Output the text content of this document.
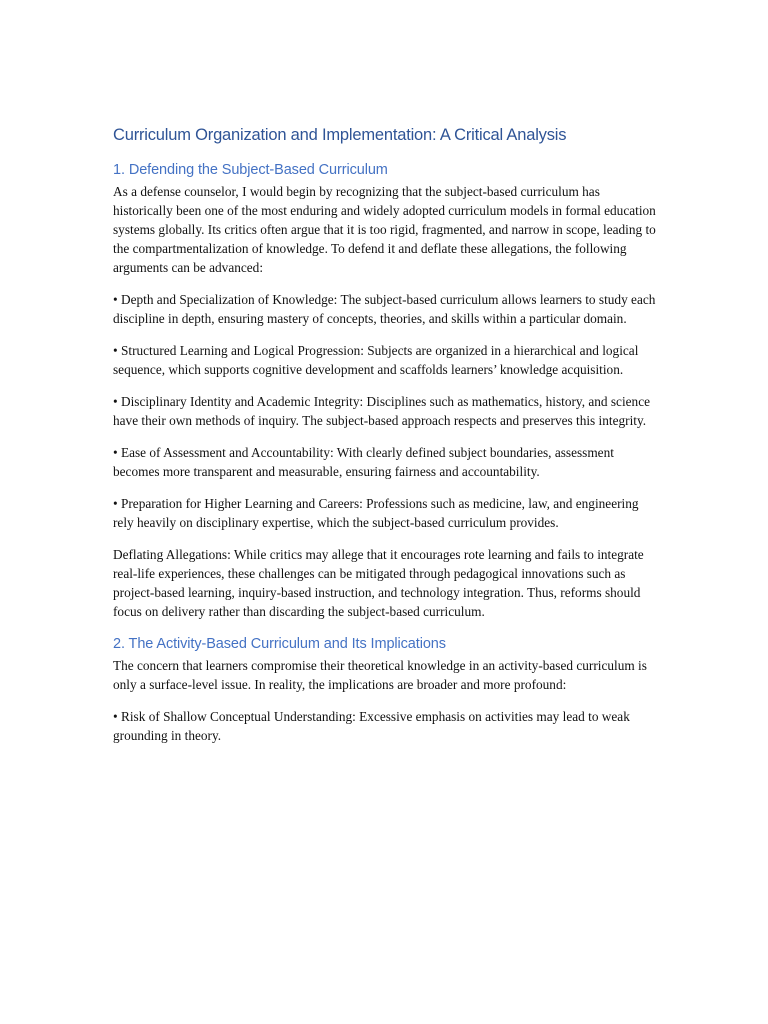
Curriculum Organization and Implementation: A Critical Analysis
1. Defending the Subject-Based Curriculum

As a defense counselor, I would begin by recognizing that the subject-based curriculum has historically been one of the most enduring and widely adopted curriculum models in formal education systems globally. Its critics often argue that it is too rigid, fragmented, and narrow in scope, leading to the compartmentalization of knowledge. To defend it and deflate these allegations, the following arguments can be advanced:

• Depth and Specialization of Knowledge: The subject-based curriculum allows learners to study each discipline in depth, ensuring mastery of concepts, theories, and skills within a particular domain.

• Structured Learning and Logical Progression: Subjects are organized in a hierarchical and logical sequence, which supports cognitive development and scaffolds learners’ knowledge acquisition.

• Disciplinary Identity and Academic Integrity: Disciplines such as mathematics, history, and science have their own methods of inquiry. The subject-based approach respects and preserves this integrity.

• Ease of Assessment and Accountability: With clearly defined subject boundaries, assessment becomes more transparent and measurable, ensuring fairness and accountability.

• Preparation for Higher Learning and Careers: Professions such as medicine, law, and engineering rely heavily on disciplinary expertise, which the subject-based curriculum provides.

Deflating Allegations: While critics may allege that it encourages rote learning and fails to integrate real-life experiences, these challenges can be mitigated through pedagogical innovations such as project-based learning, inquiry-based instruction, and technology integration. Thus, reforms should focus on delivery rather than discarding the subject-based curriculum.

2. The Activity-Based Curriculum and Its Implications

The concern that learners compromise their theoretical knowledge in an activity-based curriculum is only a surface-level issue. In reality, the implications are broader and more profound:

• Risk of Shallow Conceptual Understanding: Excessive emphasis on activities may lead to weak grounding in theory.
